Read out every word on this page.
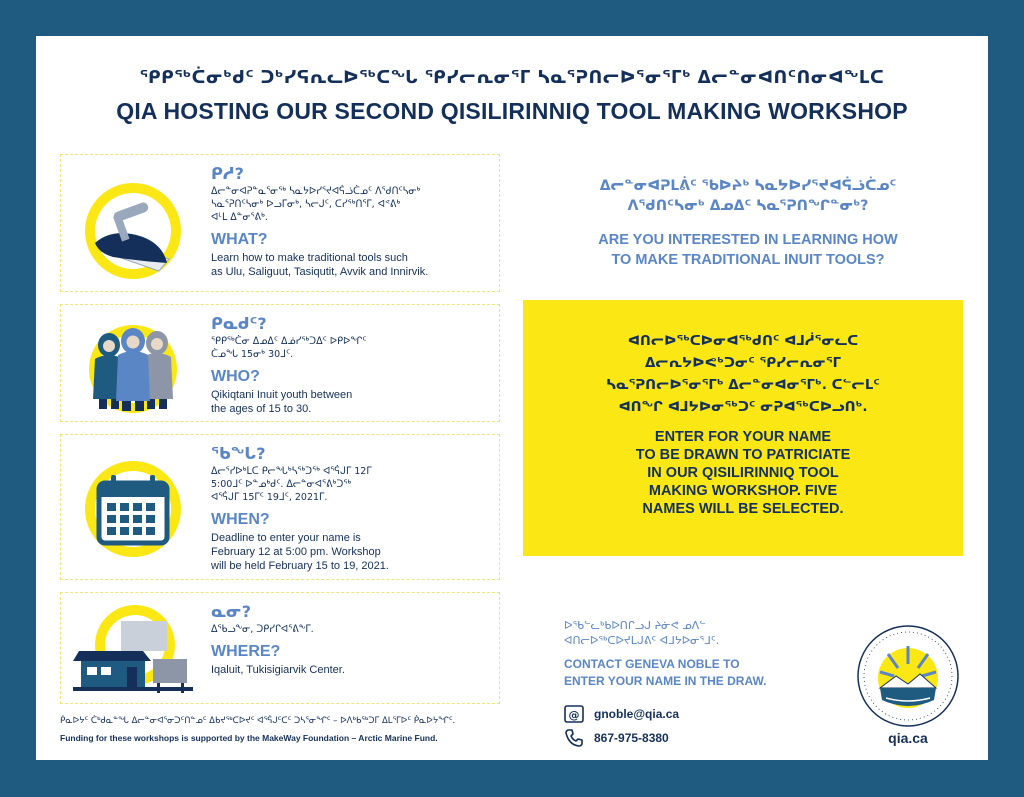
ᕿᑭᖅᑖᓂᒃᑯᑦ ᑐᒃᓯᕋᕆᓚᐅᖅᑕᖓ ᕿᓯᓕᕆᓂᕐᒥ ᓴᓇᕐᕈᑎᓕᐅᕐᓂᕐᒥᒃ ᐃᓕᓐᓂᐊᑎᑦᑎᓂᐊᖕᒪᑕ
QIA HOSTING OUR SECOND QISILIRINNIQ TOOL MAKING WORKSHOP
ᑭᓱ?
ᐃᓕᓐᓂᐊᕈᓐᓇᕐᓂᖅ ᓴᓇᔭᐅᓯᕐᔪᐊᕌᓘᑖᓄᑦ ᐱᖁᑎᑦᓴᓂᒃ
ᓴᓇᕐᕈᑎᑦᓴᓂᒃ ᐅᓗᒥᓂᒃ, ᓴᓕᒍᑦ, ᑕᓯᖅᑎᕐᒥ, ᐊᕝᕕᒃ
ᐊᒻᒪ ᐃᓐᓂᕐᕕᒃ.
WHAT?
Learn how to make traditional tools such
as Ulu, Saliguut, Tasiqutit, Avvik and Innirvik.
ᑭᓇᑯᑦ?
ᕿᑭᖅᑖᓂ ᐃᓄᐃᑦ ᐃᓅᓯᖅᑐᐃᑦ ᐅᑭᐅᖏᑦ
ᑖᓄᖓ 15ᓂᒃ 30ᒧᑦ.
WHO?
Qikiqtani Inuit youth between
the ages of 15 to 30.
ᖃᖓ?
ᐃᓕᕐᓯᐅᒃᒪᑕ ᑭᓕᖓᒃᓴᖅᑐᖅ ᐊᕐᕌᒍᒥ 12ᒥ
5:00ᒧᑦ ᐅᓐᓄᒃᑯᑦ. ᐃᓕᓐᓂᐊᕐᕕᒃᑐᖅ
ᐊᕐᕌᒍᒥ 15ᒥᑦ 19ᒧᑦ, 2021ᒥ.
WHEN?
Deadline to enter your name is
February 12 at 5:00 pm. Workshop
will be held February 15 to 19, 2021.
ᓇᓂ?
ᐃᖃᓗᖕᓂ, ᑐᑭᓯᒋᐊᕐᕕᖕᒥ.
WHERE?
Iqaluit, Tukisigiarvik Center.
ᐃᓕᓐᓂᐊᕈᒪᕖᑦ ᖃᐅᔨᒃ ᓴᓇᔭᐅᓯᕐᔪᐊᕌᓘᑖᓄᑦ
ᐱᖁᑎᑦᓴᓂᒃ ᐃᓄᐃᑦ ᓴᓇᕐᕈᑎᖏᓐᓂᒃ?
ARE YOU INTERESTED IN LEARNING HOW
TO MAKE TRADITIONAL INUIT TOOLS?
ᐊᑎᓕᐅᖅᑕᐅᓂᐊᖅᑯᑎᑦ ᐊᒧᓲᕐᓂᓚᑕ
ᐃᓕᕆᔭᐅᕙᒃᑐᓂᑦ ᕿᓯᓕᕆᓂᕐᒥ
ᓴᓇᕐᕈᑎᓕᐅᕐᓂᕐᒥᒃ ᐃᓕᓐᓂᐊᓂᕐᒥᒃ. ᑕᓪᓕᒪᑦ
ᐊᑎᖏ ᐊᒧᔭᐅᓂᖅᑐᑦ ᓂᕈᐊᖅᑕᐅᓗᑎᒃ.
ENTER FOR YOUR NAME
TO BE DRAWN TO PATRICIATE
IN OUR QISILIRINNIQ TOOL
MAKING WORKSHOP. FIVE
NAMES WILL BE SELECTED.
ᐅᖃᓪᓚᒃᑲᐅᑎᒋᓗᒍ ᔨᓃᕙ ᓄᐱᓪ
ᐊᑎᓕᐅᖅᑕᐅᔪᒪᒍᕕᑦ ᐊᒧᔭᐅᓂᕐᒧᑦ.
CONTACT GENEVA NOBLE TO
ENTER YOUR NAME IN THE DRAW.
@ gnoble@qia.ca
867-975-8380	qia.ca
ᑮᓇᐅᔭᑦ ᑖᒃᑯᓇᓐᖓ ᐃᓕᓐᓂᐊᕐᓂᑐᑦᑎᓐᓄᑦ ᐃᑲᔪᖅᑕᐅᔪᑦ ᐊᕐᕌᒍᑦᑕᑦ ᑐᓴᕐᓂᖏᑦ – ᐅᐱᒃᑲᖅᑐᒥ ᐃᒪᕐᒥᐅᑦ ᑮᓇᐅᔭᖏᑦ.
Funding for these workshops is supported by the MakeWay Foundation – Arctic Marine Fund.
